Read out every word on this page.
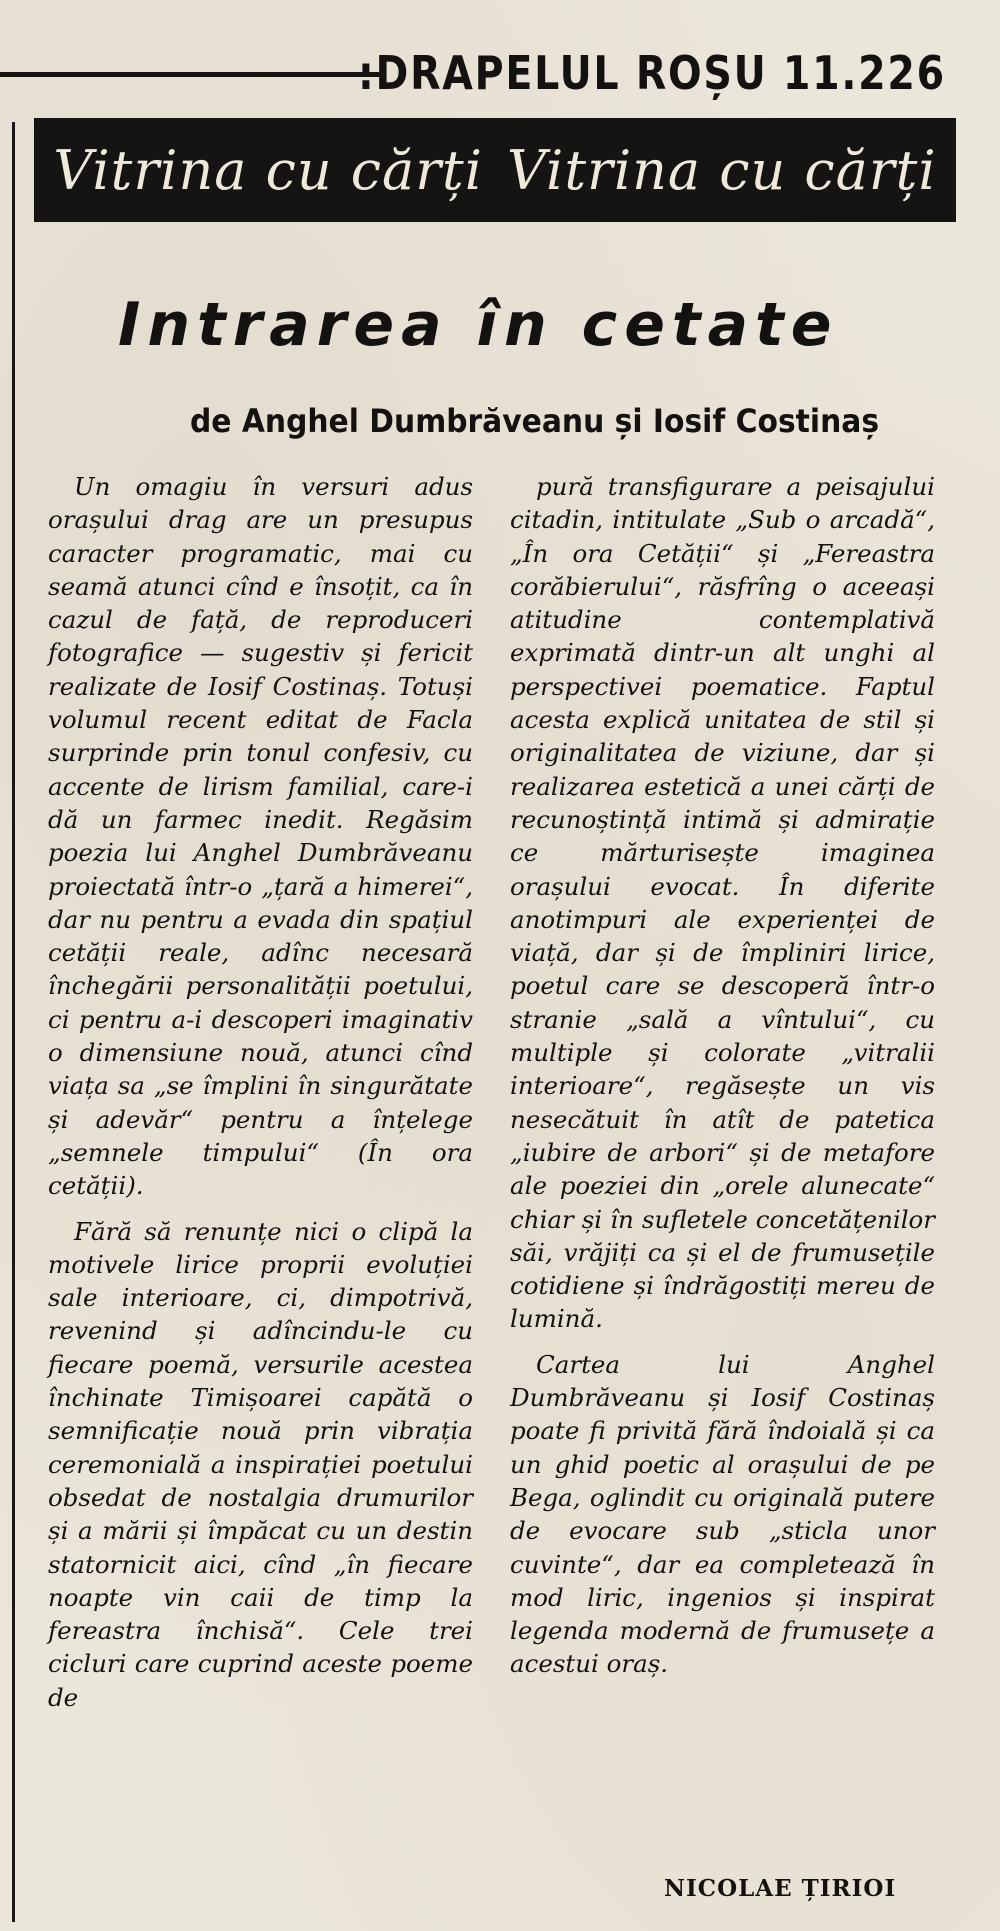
:DRAPELUL ROȘU 11.226
Vitrina cu cărți Vitrina cu cărți
Intrarea în cetate
de Anghel Dumbrăveanu și Iosif Costinaș

Un omagiu în versuri adus orașului drag are un presupus caracter programatic, mai cu seamă atunci cînd e însoțit, ca în cazul de față, de reproduceri fotografice — sugestiv și fericit realizate de Iosif Costinaș. Totuși volumul recent editat de Facla surprinde prin tonul confesiv, cu accente de lirism familial, care-i dă un farmec inedit. Regăsim poezia lui Anghel Dumbrăveanu proiectată într-o „țară a himerei“, dar nu pentru a evada din spațiul cetății reale, adînc necesară închegării personalității poetului, ci pentru a-i descoperi imaginativ o dimensiune nouă, atunci cînd viața sa „se împlini în singurătate și adevăr“ pentru a înțelege „semnele timpului“ (În ora cetății).

Fără să renunțe nici o clipă la motivele lirice proprii evoluției sale interioare, ci, dimpotrivă, revenind și adîncindu-le cu fiecare poemă, versurile acestea închinate Timișoarei capătă o semnificație nouă prin vibrația ceremonială a inspirației poetului obsedat de nostalgia drumurilor și a mării și împăcat cu un destin statornicit aici, cînd „în fiecare noapte vin caii de timp la fereastra închisă“. Cele trei cicluri care cuprind aceste poeme de

pură transfigurare a peisajului citadin, intitulate „Sub o arcadă“, „În ora Cetății“ și „Fereastra corăbierului“, răsfrîng o aceeași atitudine contemplativă exprimată dintr-un alt unghi al perspectivei poematice. Faptul acesta explică unitatea de stil și originalitatea de viziune, dar și realizarea estetică a unei cărți de recunoștință intimă și admirație ce mărturisește imaginea orașului evocat. În diferite anotimpuri ale experienței de viață, dar și de împliniri lirice, poetul care se descoperă într-o stranie „sală a vîntului“, cu multiple și colorate „vitralii interioare“, regăsește un vis nesecătuit în atît de patetica „iubire de arbori“ și de metafore ale poeziei din „orele alunecate“ chiar și în sufletele concetățenilor săi, vrăjiți ca și el de frumusețile cotidiene și îndrăgostiți mereu de lumină.

Cartea lui Anghel Dumbrăveanu și Iosif Costinaș poate fi privită fără îndoială și ca un ghid poetic al orașului de pe Bega, oglindit cu originală putere de evocare sub „sticla unor cuvinte“, dar ea completează în mod liric, ingenios și inspirat legenda modernă de frumusețe a acestui oraș.

NICOLAE ȚIRIOI
